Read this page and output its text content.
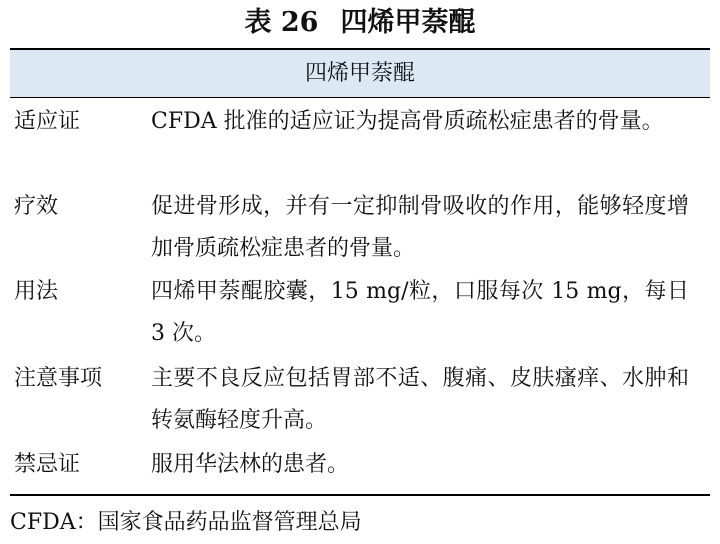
表 26 四烯甲萘醌
四烯甲萘醌
适应证	CFDA 批准的适应证为提高骨质疏松症患者的骨量。
疗效	促进骨形成，并有一定抑制骨吸收的作用，能够轻度增加骨质疏松症患者的骨量。
用法	四烯甲萘醌胶囊，15 mg/粒，口服每次 15 mg，每日 3 次。
注意事项 主要不良反应包括胃部不适、腹痛、皮肤瘙痒、水肿和转氨酶轻度升高。
禁忌证	服用华法林的患者。
CFDA：国家食品药品监督管理总局
